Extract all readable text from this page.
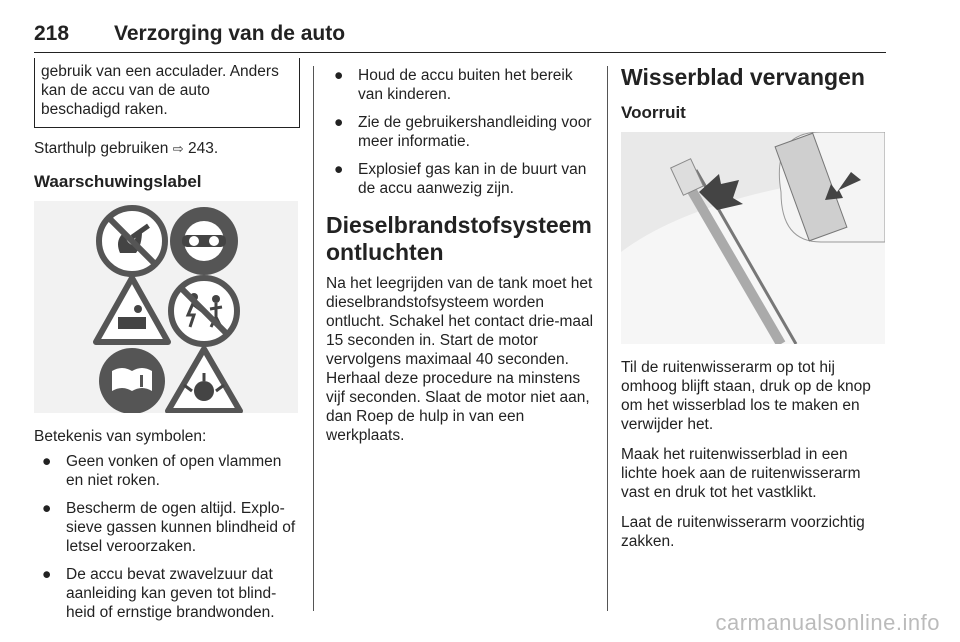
218 Verzorging van de auto

gebruik van een acculader. Anders kan de accu van de auto beschadigd raken.

Starthulp gebruiken ⇨ 243.

Waarschuwingslabel

Betekenis van symbolen:

● Geen vonken of open vlammen en niet roken.
● Bescherm de ogen altijd. Explo-sieve gassen kunnen blindheid of letsel veroorzaken.
● De accu bevat zwavelzuur dat aanleiding kan geven tot blind-heid of ernstige brandwonden.
● Houd de accu buiten het bereik van kinderen.
● Zie de gebruikershandleiding voor meer informatie.
● Explosief gas kan in de buurt van de accu aanwezig zijn.

Dieselbrandstofsysteem ontluchten

Na het leegrijden van de tank moet het dieselbrandstofsysteem worden ontlucht. Schakel het contact drie-maal 15 seconden in. Start de motor vervolgens maximaal 40 seconden. Herhaal deze procedure na minstens vijf seconden. Slaat de motor niet aan, dan Roep de hulp in van een werkplaats.

Wisserblad vervangen

Voorruit

Til de ruitenwisserarm op tot hij omhoog blijft staan, druk op de knop om het wisserblad los te maken en verwijder het.

Maak het ruitenwisserblad in een lichte hoek aan de ruitenwisserarm vast en druk tot het vastklikt.

Laat de ruitenwisserarm voorzichtig zakken.

carmanualsonline.info
